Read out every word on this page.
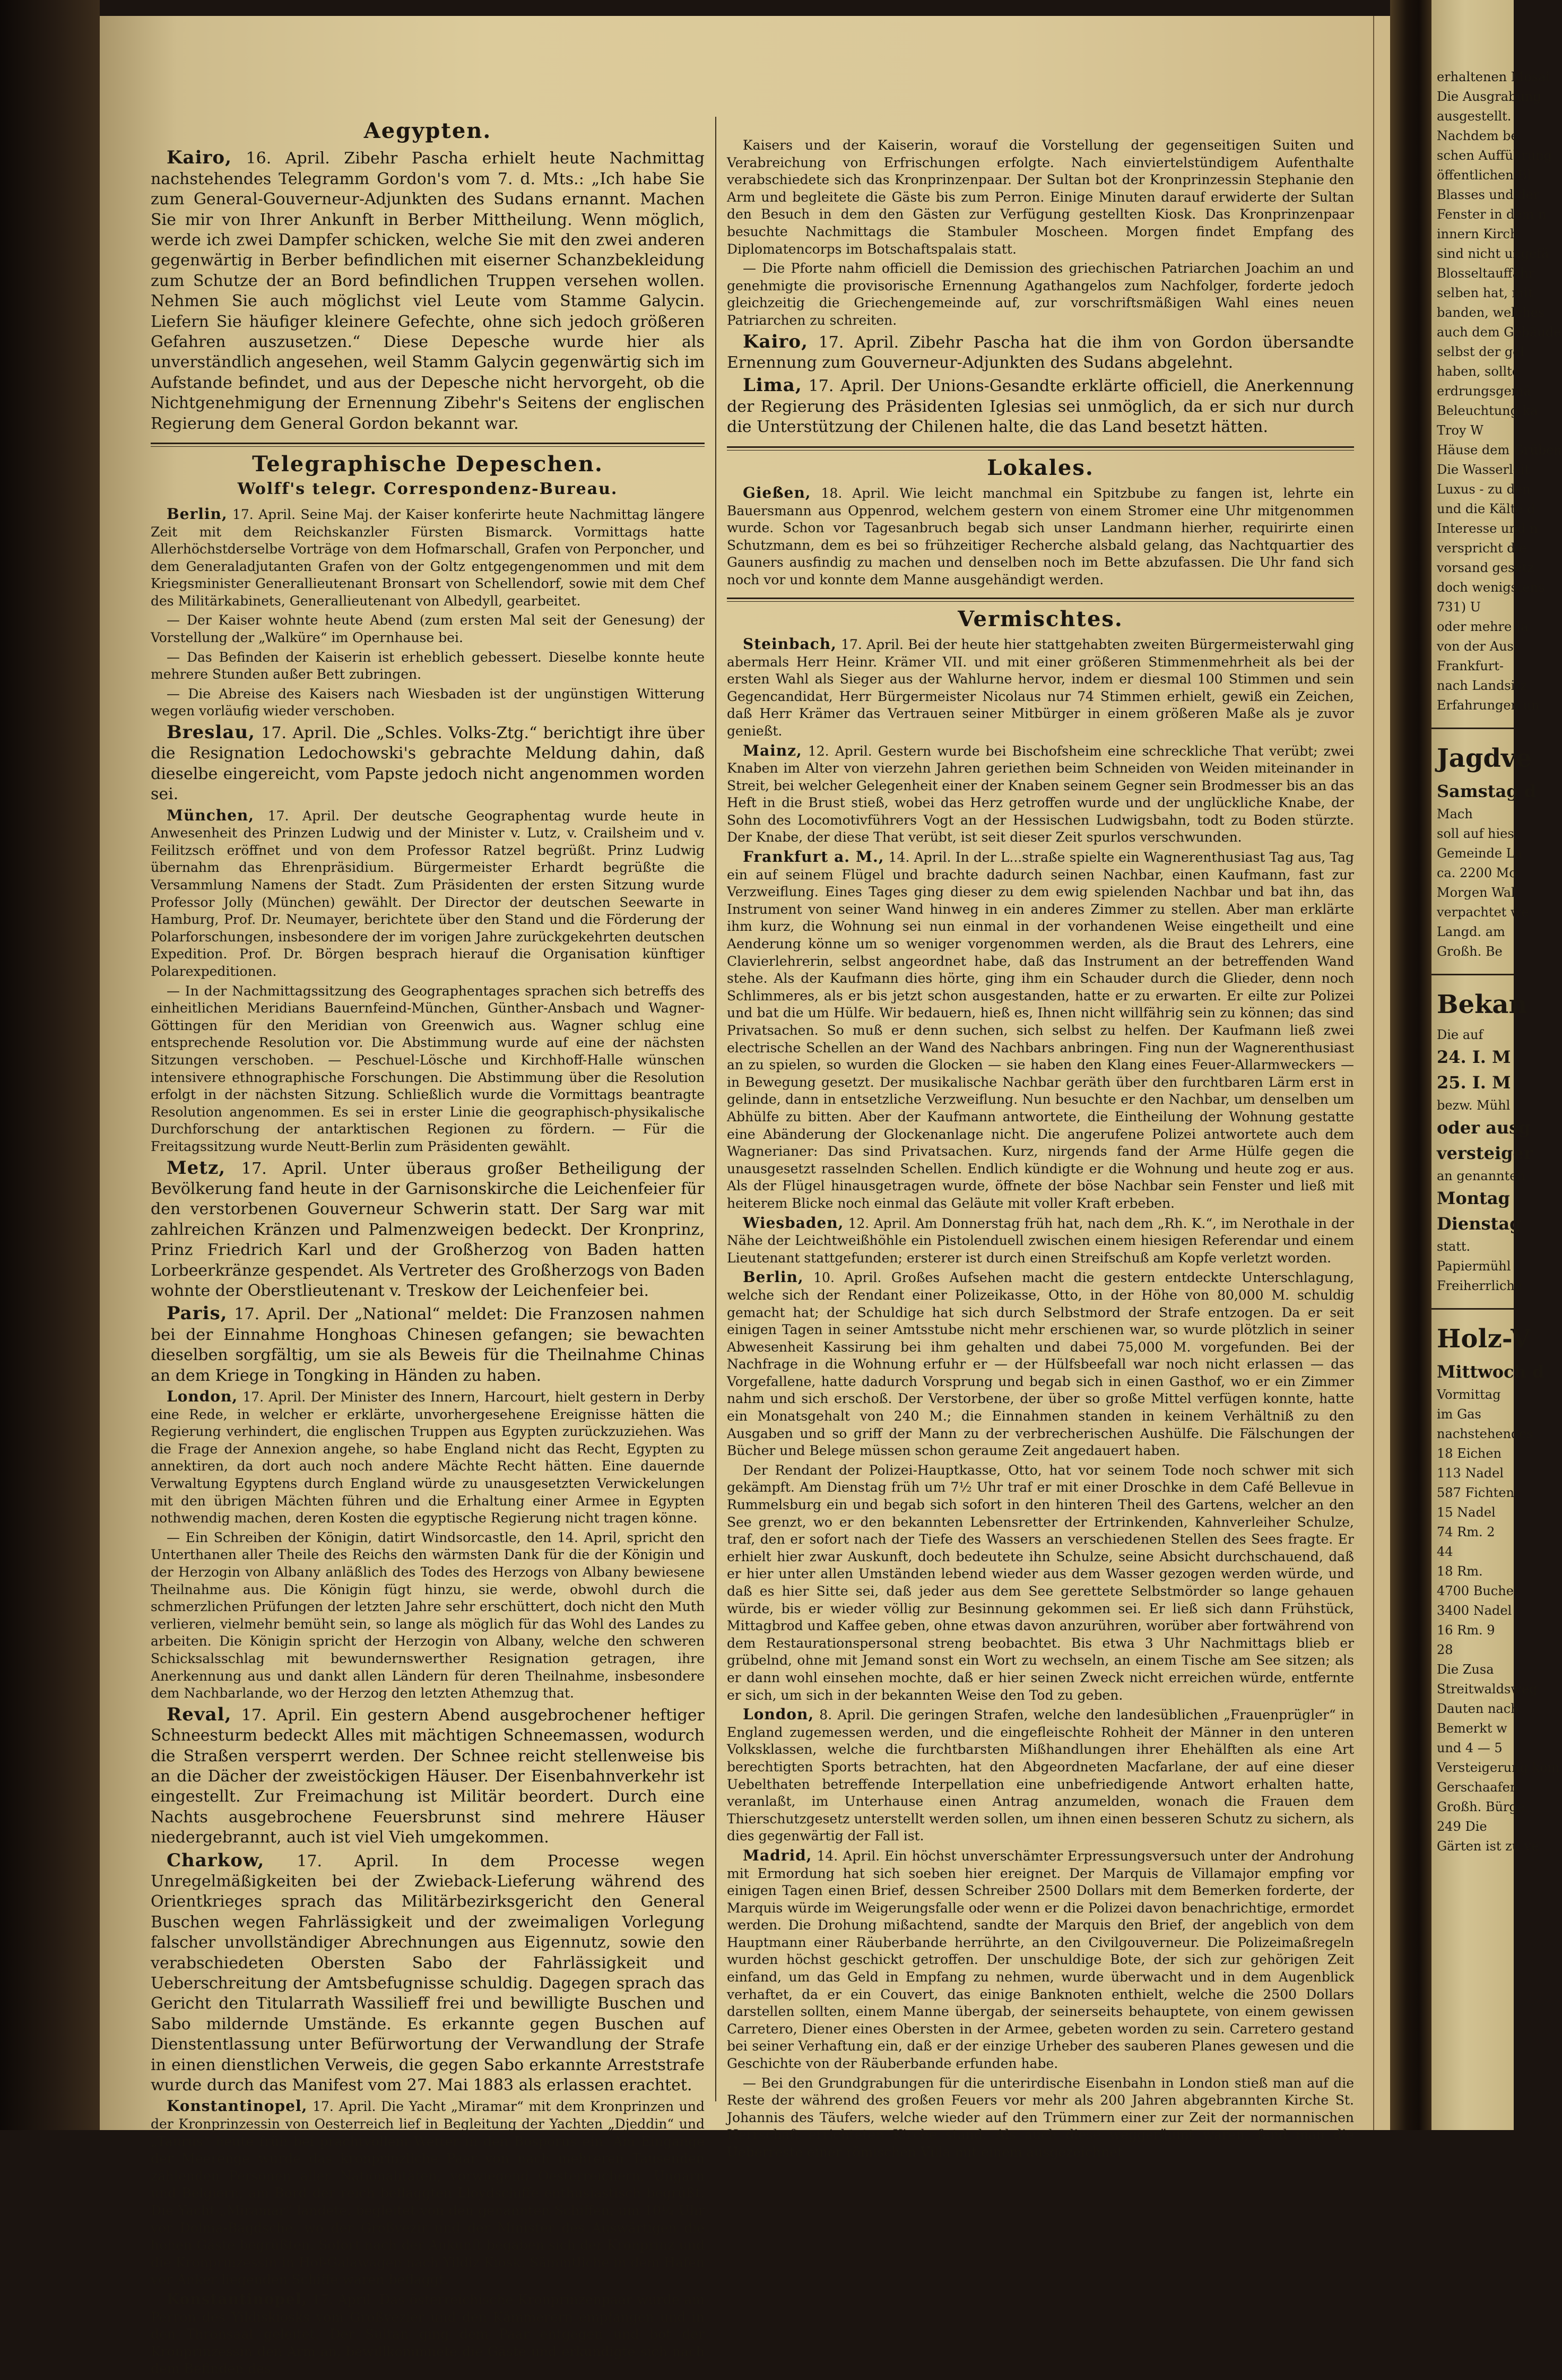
Aegypten.

Kairo, 16. April. Zibehr Pascha erhielt heute Nachmittag nachstehendes Telegramm Gordon's vom 7. d. Mts.: „Ich habe Sie zum General-Gouverneur-Adjunkten des Sudans ernannt. Machen Sie mir von Ihrer Ankunft in Berber Mittheilung. Wenn möglich, werde ich zwei Dampfer schicken, welche Sie mit den zwei anderen gegenwärtig in Berber befindlichen mit eiserner Schanzbekleidung zum Schutze der an Bord befindlichen Truppen versehen wollen. Nehmen Sie auch möglichst viel Leute vom Stamme Galycin. Liefern Sie häufiger kleinere Gefechte, ohne sich jedoch größeren Gefahren auszusetzen.“ Diese Depesche wurde hier als unverständlich angesehen, weil Stamm Galycin gegenwärtig sich im Aufstande befindet, und aus der Depesche nicht hervorgeht, ob die Nichtgenehmigung der Ernennung Zibehr's Seitens der englischen Regierung dem General Gordon bekannt war.

Telegraphische Depeschen.
Wolff's telegr. Correspondenz-Bureau.

Berlin, 17. April. Seine Maj. der Kaiser konferirte heute Nachmittag längere Zeit mit dem Reichskanzler Fürsten Bismarck. Vormittags hatte Allerhöchstderselbe Vorträge von dem Hofmarschall, Grafen von Perponcher, und dem Generaladjutanten Grafen von der Goltz entgegengenommen und mit dem Kriegsminister Generallieutenant Bronsart von Schellendorf, sowie mit dem Chef des Militärkabinets, Generallieutenant von Albedyll, gearbeitet.

— Der Kaiser wohnte heute Abend (zum ersten Mal seit der Genesung) der Vorstellung der „Walküre“ im Opernhause bei.

— Das Befinden der Kaiserin ist erheblich gebessert. Dieselbe konnte heute mehrere Stunden außer Bett zubringen.

— Die Abreise des Kaisers nach Wiesbaden ist der ungünstigen Witterung wegen vorläufig wieder verschoben.

Breslau, 17. April. Die „Schles. Volks-Ztg.“ berichtigt ihre über die Resignation Ledochowski's gebrachte Meldung dahin, daß dieselbe eingereicht, vom Papste jedoch nicht angenommen worden sei.

München, 17. April. Der deutsche Geographentag wurde heute in Anwesenheit des Prinzen Ludwig und der Minister v. Lutz, v. Crailsheim und v. Feilitzsch eröffnet und von dem Professor Ratzel begrüßt. Prinz Ludwig übernahm das Ehrenpräsidium. Bürgermeister Erhardt begrüßte die Versammlung Namens der Stadt. Zum Präsidenten der ersten Sitzung wurde Professor Jolly (München) gewählt. Der Director der deutschen Seewarte in Hamburg, Prof. Dr. Neumayer, berichtete über den Stand und die Förderung der Polarforschungen, insbesondere der im vorigen Jahre zurückgekehrten deutschen Expedition. Prof. Dr. Börgen besprach hierauf die Organisation künftiger Polarexpeditionen.

— In der Nachmittagssitzung des Geographentages sprachen sich betreffs des einheitlichen Meridians Bauernfeind-München, Günther-Ansbach und Wagner-Göttingen für den Meridian von Greenwich aus. Wagner schlug eine entsprechende Resolution vor. Die Abstimmung wurde auf eine der nächsten Sitzungen verschoben. — Peschuel-Lösche und Kirchhoff-Halle wünschen intensivere ethnographische Forschungen. Die Abstimmung über die Resolution erfolgt in der nächsten Sitzung. Schließlich wurde die Vormittags beantragte Resolution angenommen. Es sei in erster Linie die geographisch-physikalische Durchforschung der antarktischen Regionen zu fördern. — Für die Freitagssitzung wurde Neutt-Berlin zum Präsidenten gewählt.

Metz, 17. April. Unter überaus großer Betheiligung der Bevölkerung fand heute in der Garnisonskirche die Leichenfeier für den verstorbenen Gouverneur Schwerin statt. Der Sarg war mit zahlreichen Kränzen und Palmenzweigen bedeckt. Der Kronprinz, Prinz Friedrich Karl und der Großherzog von Baden hatten Lorbeerkränze gespendet. Als Vertreter des Großherzogs von Baden wohnte der Oberstlieutenant v. Treskow der Leichenfeier bei.

Paris, 17. April. Der „National“ meldet: Die Franzosen nahmen bei der Einnahme Honghoas Chinesen gefangen; sie bewachten dieselben sorgfältig, um sie als Beweis für die Theilnahme Chinas an dem Kriege in Tongking in Händen zu haben.

London, 17. April. Der Minister des Innern, Harcourt, hielt gestern in Derby eine Rede, in welcher er erklärte, unvorhergesehene Ereignisse hätten die Regierung verhindert, die englischen Truppen aus Egypten zurückzuziehen. Was die Frage der Annexion angehe, so habe England nicht das Recht, Egypten zu annektiren, da dort auch noch andere Mächte Recht hätten. Eine dauernde Verwaltung Egyptens durch England würde zu unausgesetzten Verwickelungen mit den übrigen Mächten führen und die Erhaltung einer Armee in Egypten nothwendig machen, deren Kosten die egyptische Regierung nicht tragen könne.

— Ein Schreiben der Königin, datirt Windsorcastle, den 14. April, spricht den Unterthanen aller Theile des Reichs den wärmsten Dank für die der Königin und der Herzogin von Albany anläßlich des Todes des Herzogs von Albany bewiesene Theilnahme aus. Die Königin fügt hinzu, sie werde, obwohl durch die schmerzlichen Prüfungen der letzten Jahre sehr erschüttert, doch nicht den Muth verlieren, vielmehr bemüht sein, so lange als möglich für das Wohl des Landes zu arbeiten. Die Königin spricht der Herzogin von Albany, welche den schweren Schicksalsschlag mit bewundernswerther Resignation getragen, ihre Anerkennung aus und dankt allen Ländern für deren Theilnahme, insbesondere dem Nachbarlande, wo der Herzog den letzten Athemzug that.

Reval, 17. April. Ein gestern Abend ausgebrochener heftiger Schneesturm bedeckt Alles mit mächtigen Schneemassen, wodurch die Straßen versperrt werden. Der Schnee reicht stellenweise bis an die Dächer der zweistöckigen Häuser. Der Eisenbahnverkehr ist eingestellt. Zur Freimachung ist Militär beordert. Durch eine Nachts ausgebrochene Feuersbrunst sind mehrere Häuser niedergebrannt, auch ist viel Vieh umgekommen.

Charkow, 17. April. In dem Processe wegen Unregelmäßigkeiten bei der Zwieback-Lieferung während des Orientkrieges sprach das Militärbezirksgericht den General Buschen wegen Fahrlässigkeit und der zweimaligen Vorlegung falscher unvollständiger Abrechnungen aus Eigennutz, sowie den verabschiedeten Obersten Sabo der Fahrlässigkeit und Ueberschreitung der Amtsbefugnisse schuldig. Dagegen sprach das Gericht den Titularrath Wassilieff frei und bewilligte Buschen und Sabo mildernde Umstände. Es erkannte gegen Buschen auf Dienstentlassung unter Befürwortung der Verwandlung der Strafe in einen dienstlichen Verweis, die gegen Sabo erkannte Arreststrafe wurde durch das Manifest vom 27. Mai 1883 als erlassen erachtet.

Konstantinopel, 17. April. Die Yacht „Miramar“ mit dem Kronprinzen und der Kronprinzessin von Oesterreich lief in Begleitung der Yachten „Djeddin“ und „Taurus“ heute früh bei prachtvollem Wetter in den Bosporus ein. Am Eingange der Meerenge wurde das kronprinzliche Paar von nach mehreren Tausenden zählenden Personen aller Nationalitäten, vorwiegend Oesterreichern, Ungarn und Belgiern, am Bord der reich beflaggten Lloydschiffe enthusiastisch begrüßt. Die Yacht „Miramar“ landete, begleitet von den genannten Schiffen, um 10¼ Uhr vor Dolma-Bagdsche, wo der Großvezir und der Minister des Auswärtigen die hohen Gäste begrüßten. Sofort nach der Ankunft begaben sich der Kronprinz und die Kronprinzessin in Hof-Galawagen nach Yildiz Kiosk. Sämmtliche in dem Hafen vor Anker liegenden Schiffe waren beflaggt.

Konstantinopel, 17. April. Das österreichische Kronprinzenpaar wurde am Perron des Yildiskiosks vom Großvezier und den Kämmerern empfangen und in den Thronsaal geleitet. Der Sultan ging dem Paar entgegen und bot der Kronprinzessin den Arm an, bewillkommnete die Gäste und erkundigte sich nach dem Befinden des

Kaisers und der Kaiserin, worauf die Vorstellung der gegenseitigen Suiten und Verabreichung von Erfrischungen erfolgte. Nach einviertelstündigem Aufenthalte verabschiedete sich das Kronprinzenpaar. Der Sultan bot der Kronprinzessin Stephanie den Arm und begleitete die Gäste bis zum Perron. Einige Minuten darauf erwiderte der Sultan den Besuch in dem den Gästen zur Verfügung gestellten Kiosk. Das Kronprinzenpaar besuchte Nachmittags die Stambuler Moscheen. Morgen findet Empfang des Diplomatencorps im Botschaftspalais statt.

— Die Pforte nahm officiell die Demission des griechischen Patriarchen Joachim an und genehmigte die provisorische Ernennung Agathangelos zum Nachfolger, forderte jedoch gleichzeitig die Griechengemeinde auf, zur vorschriftsmäßigen Wahl eines neuen Patriarchen zu schreiten.

Kairo, 17. April. Zibehr Pascha hat die ihm von Gordon übersandte Ernennung zum Gouverneur-Adjunkten des Sudans abgelehnt.

Lima, 17. April. Der Unions-Gesandte erklärte officiell, die Anerkennung der Regierung des Präsidenten Iglesias sei unmöglich, da er sich nur durch die Unterstützung der Chilenen halte, die das Land besetzt hätten.

Lokales.

Gießen, 18. April. Wie leicht manchmal ein Spitzbube zu fangen ist, lehrte ein Bauersmann aus Oppenrod, welchem gestern von einem Stromer eine Uhr mitgenommen wurde. Schon vor Tagesanbruch begab sich unser Landmann hierher, requirirte einen Schutzmann, dem es bei so frühzeitiger Recherche alsbald gelang, das Nachtquartier des Gauners ausfindig zu machen und denselben noch im Bette abzufassen. Die Uhr fand sich noch vor und konnte dem Manne ausgehändigt werden.

Vermischtes.

Steinbach, 17. April. Bei der heute hier stattgehabten zweiten Bürgermeisterwahl ging abermals Herr Heinr. Krämer VII. und mit einer größeren Stimmenmehrheit als bei der ersten Wahl als Sieger aus der Wahlurne hervor, indem er diesmal 100 Stimmen und sein Gegencandidat, Herr Bürgermeister Nicolaus nur 74 Stimmen erhielt, gewiß ein Zeichen, daß Herr Krämer das Vertrauen seiner Mitbürger in einem größeren Maße als je zuvor genießt.

Mainz, 12. April. Gestern wurde bei Bischofsheim eine schreckliche That verübt; zwei Knaben im Alter von vierzehn Jahren geriethen beim Schneiden von Weiden miteinander in Streit, bei welcher Gelegenheit einer der Knaben seinem Gegner sein Brodmesser bis an das Heft in die Brust stieß, wobei das Herz getroffen wurde und der unglückliche Knabe, der Sohn des Locomotivführers Vogt an der Hessischen Ludwigsbahn, todt zu Boden stürzte. Der Knabe, der diese That verübt, ist seit dieser Zeit spurlos verschwunden.

Frankfurt a. M., 14. April. In der L...straße spielte ein Wagnerenthusiast Tag aus, Tag ein auf seinem Flügel und brachte dadurch seinen Nachbar, einen Kaufmann, fast zur Verzweiflung. Eines Tages ging dieser zu dem ewig spielenden Nachbar und bat ihn, das Instrument von seiner Wand hinweg in ein anderes Zimmer zu stellen. Aber man erklärte ihm kurz, die Wohnung sei nun einmal in der vorhandenen Weise eingetheilt und eine Aenderung könne um so weniger vorgenommen werden, als die Braut des Lehrers, eine Clavierlehrerin, selbst angeordnet habe, daß das Instrument an der betreffenden Wand stehe. Als der Kaufmann dies hörte, ging ihm ein Schauder durch die Glieder, denn noch Schlimmeres, als er bis jetzt schon ausgestanden, hatte er zu erwarten. Er eilte zur Polizei und bat die um Hülfe. Wir bedauern, hieß es, Ihnen nicht willfährig sein zu können; das sind Privatsachen. So muß er denn suchen, sich selbst zu helfen. Der Kaufmann ließ zwei electrische Schellen an der Wand des Nachbars anbringen. Fing nun der Wagnerenthusiast an zu spielen, so wurden die Glocken — sie haben den Klang eines Feuer-Allarmweckers — in Bewegung gesetzt. Der musikalische Nachbar geräth über den furchtbaren Lärm erst in gelinde, dann in entsetzliche Verzweiflung. Nun besuchte er den Nachbar, um denselben um Abhülfe zu bitten. Aber der Kaufmann antwortete, die Eintheilung der Wohnung gestatte eine Abänderung der Glockenanlage nicht. Die angerufene Polizei antwortete auch dem Wagnerianer: Das sind Privatsachen. Kurz, nirgends fand der Arme Hülfe gegen die unausgesetzt rasselnden Schellen. Endlich kündigte er die Wohnung und heute zog er aus. Als der Flügel hinausgetragen wurde, öffnete der böse Nachbar sein Fenster und ließ mit heiterem Blicke noch einmal das Geläute mit voller Kraft erbeben.

Wiesbaden, 12. April. Am Donnerstag früh hat, nach dem „Rh. K.“, im Nerothale in der Nähe der Leichtweißhöhle ein Pistolenduell zwischen einem hiesigen Referendar und einem Lieutenant stattgefunden; ersterer ist durch einen Streifschuß am Kopfe verletzt worden.

Berlin, 10. April. Großes Aufsehen macht die gestern entdeckte Unterschlagung, welche sich der Rendant einer Polizeikasse, Otto, in der Höhe von 80,000 M. schuldig gemacht hat; der Schuldige hat sich durch Selbstmord der Strafe entzogen. Da er seit einigen Tagen in seiner Amtsstube nicht mehr erschienen war, so wurde plötzlich in seiner Abwesenheit Kassirung bei ihm gehalten und dabei 75,000 M. vorgefunden. Bei der Nachfrage in die Wohnung erfuhr er — der Hülfsbeefall war noch nicht erlassen — das Vorgefallene, hatte dadurch Vorsprung und begab sich in einen Gasthof, wo er ein Zimmer nahm und sich erschoß. Der Verstorbene, der über so große Mittel verfügen konnte, hatte ein Monatsgehalt von 240 M.; die Einnahmen standen in keinem Verhältniß zu den Ausgaben und so griff der Mann zu der verbrecherischen Aushülfe. Die Fälschungen der Bücher und Belege müssen schon geraume Zeit angedauert haben.

Der Rendant der Polizei-Hauptkasse, Otto, hat vor seinem Tode noch schwer mit sich gekämpft. Am Dienstag früh um 7½ Uhr traf er mit einer Droschke in dem Café Bellevue in Rummelsburg ein und begab sich sofort in den hinteren Theil des Gartens, welcher an den See grenzt, wo er den bekannten Lebensretter der Ertrinkenden, Kahnverleiher Schulze, traf, den er sofort nach der Tiefe des Wassers an verschiedenen Stellen des Sees fragte. Er erhielt hier zwar Auskunft, doch bedeutete ihn Schulze, seine Absicht durchschauend, daß er hier unter allen Umständen lebend wieder aus dem Wasser gezogen werden würde, und daß es hier Sitte sei, daß jeder aus dem See gerettete Selbstmörder so lange gehauen würde, bis er wieder völlig zur Besinnung gekommen sei. Er ließ sich dann Frühstück, Mittagbrod und Kaffee geben, ohne etwas davon anzurühren, worüber aber fortwährend von dem Restaurationspersonal streng beobachtet. Bis etwa 3 Uhr Nachmittags blieb er grübelnd, ohne mit Jemand sonst ein Wort zu wechseln, an einem Tische am See sitzen; als er dann wohl einsehen mochte, daß er hier seinen Zweck nicht erreichen würde, entfernte er sich, um sich in der bekannten Weise den Tod zu geben.

London, 8. April. Die geringen Strafen, welche den landesüblichen „Frauenprügler“ in England zugemessen werden, und die eingefleischte Rohheit der Männer in den unteren Volksklassen, welche die furchtbarsten Mißhandlungen ihrer Ehehälften als eine Art berechtigten Sports betrachten, hat den Abgeordneten Macfarlane, der auf eine dieser Uebelthaten betreffende Interpellation eine unbefriedigende Antwort erhalten hatte, veranlaßt, im Unterhause einen Antrag anzumelden, wonach die Frauen dem Thierschutzgesetz unterstellt werden sollen, um ihnen einen besseren Schutz zu sichern, als dies gegenwärtig der Fall ist.

Madrid, 14. April. Ein höchst unverschämter Erpressungsversuch unter der Androhung mit Ermordung hat sich soeben hier ereignet. Der Marquis de Villamajor empfing vor einigen Tagen einen Brief, dessen Schreiber 2500 Dollars mit dem Bemerken forderte, der Marquis würde im Weigerungsfalle oder wenn er die Polizei davon benachrichtige, ermordet werden. Die Drohung mißachtend, sandte der Marquis den Brief, der angeblich von dem Hauptmann einer Räuberbande herrührte, an den Civilgouverneur. Die Polizeimaßregeln wurden höchst geschickt getroffen. Der unschuldige Bote, der sich zur gehörigen Zeit einfand, um das Geld in Empfang zu nehmen, wurde überwacht und in dem Augenblick verhaftet, da er ein Couvert, das einige Banknoten enthielt, welche die 2500 Dollars darstellen sollten, einem Manne übergab, der seinerseits behauptete, von einem gewissen Carretero, Diener eines Obersten in der Armee, gebeten worden zu sein. Carretero gestand bei seiner Verhaftung ein, daß er der einzige Urheber des sauberen Planes gewesen und die Geschichte von der Räuberbande erfunden habe.

— Bei den Grundgrabungen für die unterirdische Eisenbahn in London stieß man auf die Reste der während des großen Feuers vor mehr als 200 Jahren abgebrannten Kirche St. Johannis des Täufers, welche wieder auf den Trümmern einer zur Zeit der normannischen Herrschaft errichteten Kirche stand. Als auch diese weggeräumt waren, fand man die Ueberreste einer römischen Villa mit einem ausgezeichnet

erhaltenen Mosai
Die Ausgrabung
ausgestellt.
Nachdem be
schen Aufführung
öffentlichen Bl
Blasses und der
Fenster in dem n
innern Kirch
sind nicht ungefä
Blosseltauffahr
selben hat, mit
banden, welches
auch dem Gebäude
selbst der gel
haben, sollte
erdrungsgemä
Beleuchtung ka
Troy W
Häuse dem Grüben
Die Wasserleit
Luxus - zu den
und die Kälte d
Interesse und n
verspricht die
vorsand gesetz
doch wenigstens
731) U
oder mehre Ja
von der Aus
Frankfurt-
nach Landsitz
Erfahrungen un
Jagdve
Samstag d
Mach
soll auf hies
Gemeinde La
ca. 2200 Mo
Morgen Wal
verpachtet we
Langd. am
Großh. Be
Bekan
Die auf
24. I. M
25. I. M
bezw. Mühl
oder ausg
versteiger
an genannten
Montag
Dienstag
statt.
Papiermühl
Freiherrliche
Holz-V
Mittwoch d
Vormittag
im Gas
nachstehendes
18 Eichen
113 Nadel
587 Fichten
15 Nadel
74 Rm. 2
44
18 Rm.
4700 Buche
3400 Nadel
16 Rm. 9
28
Die Zusa
Streitwaldsweg
Dauten nach
Bemerkt w
und 4 — 5
Versteigerung kom
Gerschaafen
Großh. Bürge
249 Die
Gärten ist zu ve
